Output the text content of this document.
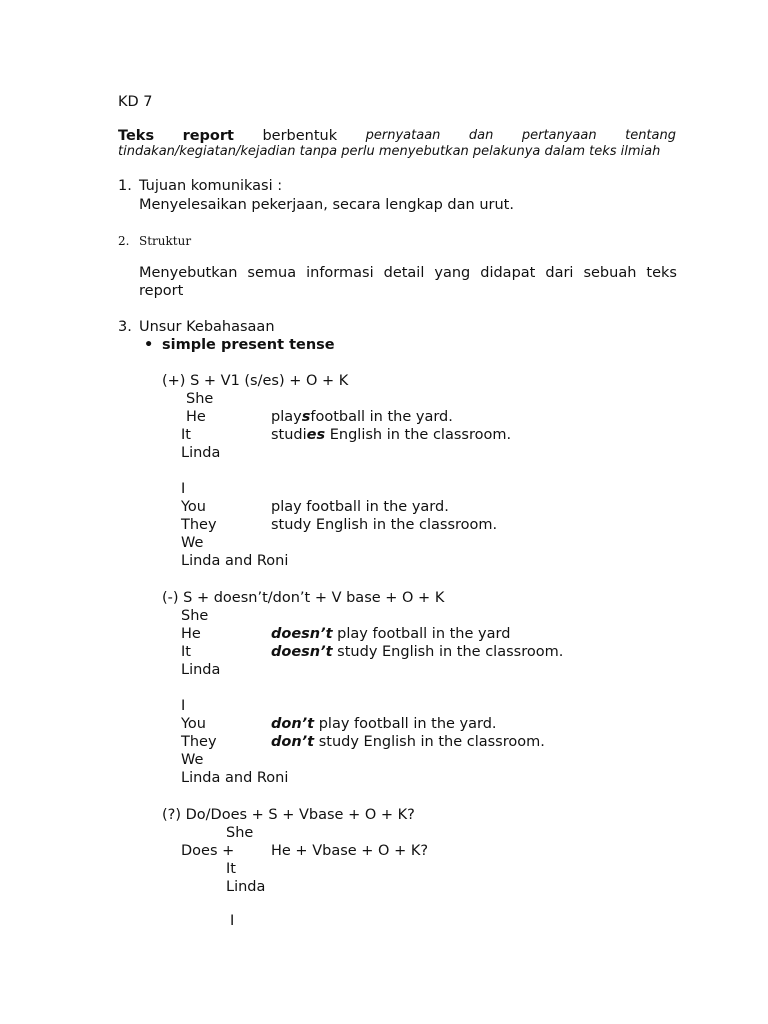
KD 7
Teks report berbentuk pernyataan dan pertanyaan tentang
tindakan/kegiatan/kejadian tanpa perlu menyebutkan pelakunya dalam teks ilmiah
1. Tujuan komunikasi :
Menyelesaikan pekerjaan, secara lengkap dan urut.
2. Struktur
Menyebutkan semua informasi detail yang didapat dari sebuah teks
report
3. Unsur Kebahasaan
• simple present tense
(+) S + V1 (s/es) + O + K
She
He
It
Linda
playsfootball in the yard.
studies English in the classroom.
I
You
They
We
Linda and Roni
play football in the yard.
study English in the classroom.
(-) S + doesn’t/don’t + V base + O + K
She
He
It
Linda
doesn’t play football in the yard
doesn’t study English in the classroom.
I
You
They
We
Linda and Roni
don’t play football in the yard.
don’t study English in the classroom.
(?) Do/Does + S + Vbase + O + K?
She
Does +	He + Vbase + O + K?
It
Linda
I
